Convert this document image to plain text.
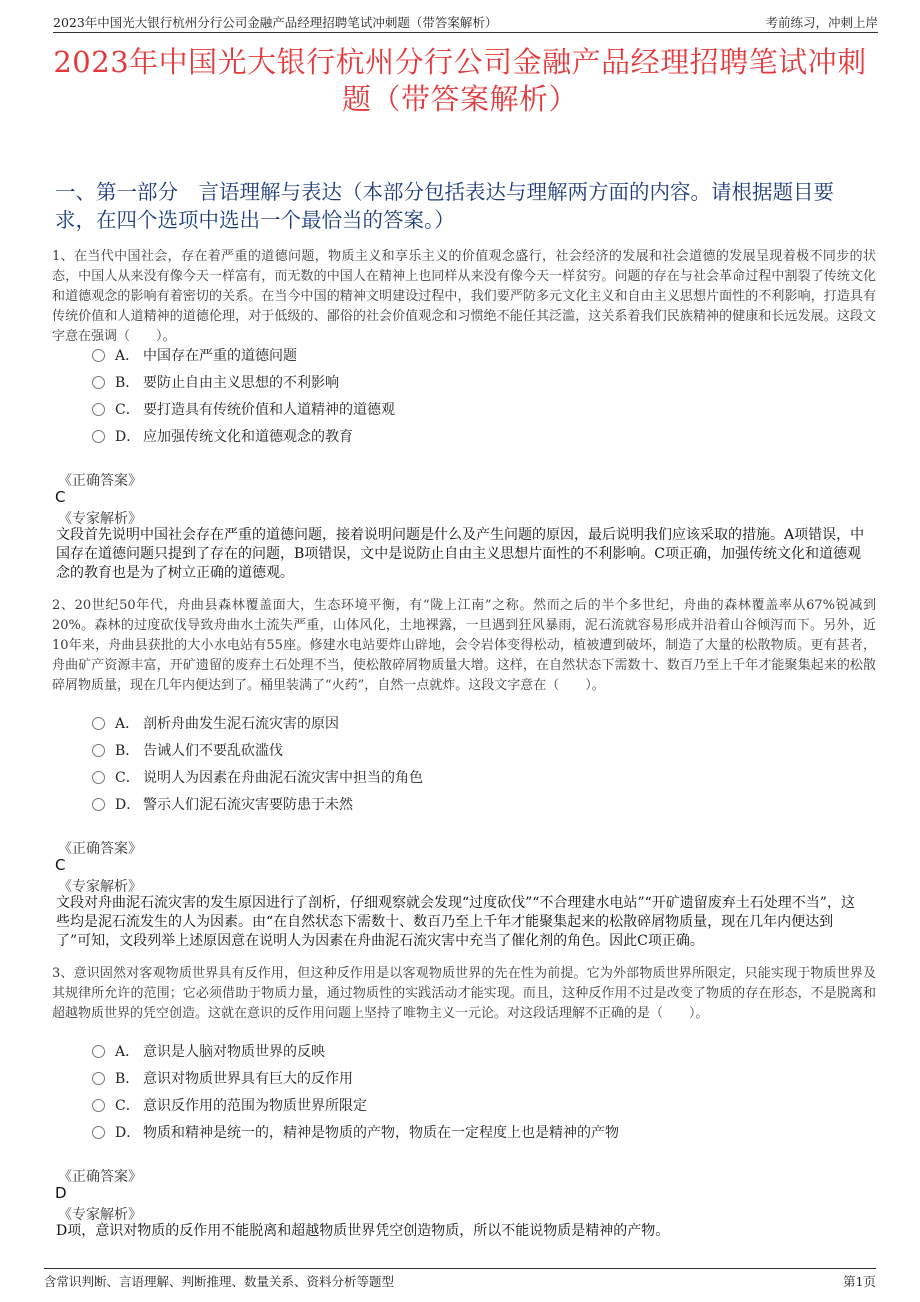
2023年中国光大银行杭州分行公司金融产品经理招聘笔试冲刺题（带答案解析）	考前练习，冲刺上岸
2023年中国光大银行杭州分行公司金融产品经理招聘笔试冲刺题（带答案解析）
一、第一部分　言语理解与表达（本部分包括表达与理解两方面的内容。请根据题目要求，在四个选项中选出一个最恰当的答案。）
1、在当代中国社会，存在着严重的道德问题，物质主义和享乐主义的价值观念盛行，社会经济的发展和社会道德的发展呈现着极不同步的状态，中国人从来没有像今天一样富有，而无数的中国人在精神上也同样从来没有像今天一样贫穷。问题的存在与社会革命过程中割裂了传统文化和道德观念的影响有着密切的关系。在当今中国的精神文明建设过程中，我们要严防多元文化主义和自由主义思想片面性的不利影响，打造具有传统价值和人道精神的道德伦理，对于低级的、鄙俗的社会价值观念和习惯绝不能任其泛滥，这关系着我们民族精神的健康和长远发展。这段文字意在强调（　　）。
A． 中国存在严重的道德问题
B． 要防止自由主义思想的不利影响
C． 要打造具有传统价值和人道精神的道德观
D． 应加强传统文化和道德观念的教育
《正确答案》
C
《专家解析》
文段首先说明中国社会存在严重的道德问题，接着说明问题是什么及产生问题的原因，最后说明我们应该采取的措施。A项错误，中国存在道德问题只提到了存在的问题，B项错误，文中是说防止自由主义思想片面性的不利影响。C项正确，加强传统文化和道德观念的教育也是为了树立正确的道德观。
2、20世纪50年代，舟曲县森林覆盖面大，生态环境平衡，有“陇上江南”之称。然而之后的半个多世纪，舟曲的森林覆盖率从67%锐减到20%。森林的过度砍伐导致舟曲水土流失严重，山体风化，土地裸露，一旦遇到狂风暴雨，泥石流就容易形成并沿着山谷倾泻而下。另外，近10年来，舟曲县获批的大小水电站有55座。修建水电站要炸山辟地，会令岩体变得松动，植被遭到破坏，制造了大量的松散物质。更有甚者，舟曲矿产资源丰富，开矿遗留的废弃土石处理不当，使松散碎屑物质量大增。这样，在自然状态下需数十、数百乃至上千年才能聚集起来的松散碎屑物质量，现在几年内便达到了。桶里装满了“火药”，自然一点就炸。这段文字意在（　　）。
A． 剖析舟曲发生泥石流灾害的原因
B． 告诫人们不要乱砍滥伐
C． 说明人为因素在舟曲泥石流灾害中担当的角色
D． 警示人们泥石流灾害要防患于未然
《正确答案》
C
《专家解析》
文段对舟曲泥石流灾害的发生原因进行了剖析，仔细观察就会发现“过度砍伐”“不合理建水电站”“开矿遗留废弃土石处理不当”，这些均是泥石流发生的人为因素。由“在自然状态下需数十、数百乃至上千年才能聚集起来的松散碎屑物质量，现在几年内便达到了”可知，文段列举上述原因意在说明人为因素在舟曲泥石流灾害中充当了催化剂的角色。因此C项正确。
3、意识固然对客观物质世界具有反作用，但这种反作用是以客观物质世界的先在性为前提。它为外部物质世界所限定，只能实现于物质世界及其规律所允许的范围；它必须借助于物质力量，通过物质性的实践活动才能实现。而且，这种反作用不过是改变了物质的存在形态，不是脱离和超越物质世界的凭空创造。这就在意识的反作用问题上坚持了唯物主义一元论。对这段话理解不正确的是（　　）。
A． 意识是人脑对物质世界的反映
B． 意识对物质世界具有巨大的反作用
C． 意识反作用的范围为物质世界所限定
D． 物质和精神是统一的，精神是物质的产物，物质在一定程度上也是精神的产物
《正确答案》
D
《专家解析》
D项，意识对物质的反作用不能脱离和超越物质世界凭空创造物质，所以不能说物质是精神的产物。
含常识判断、言语理解、判断推理、数量关系、资料分析等题型	第1页
